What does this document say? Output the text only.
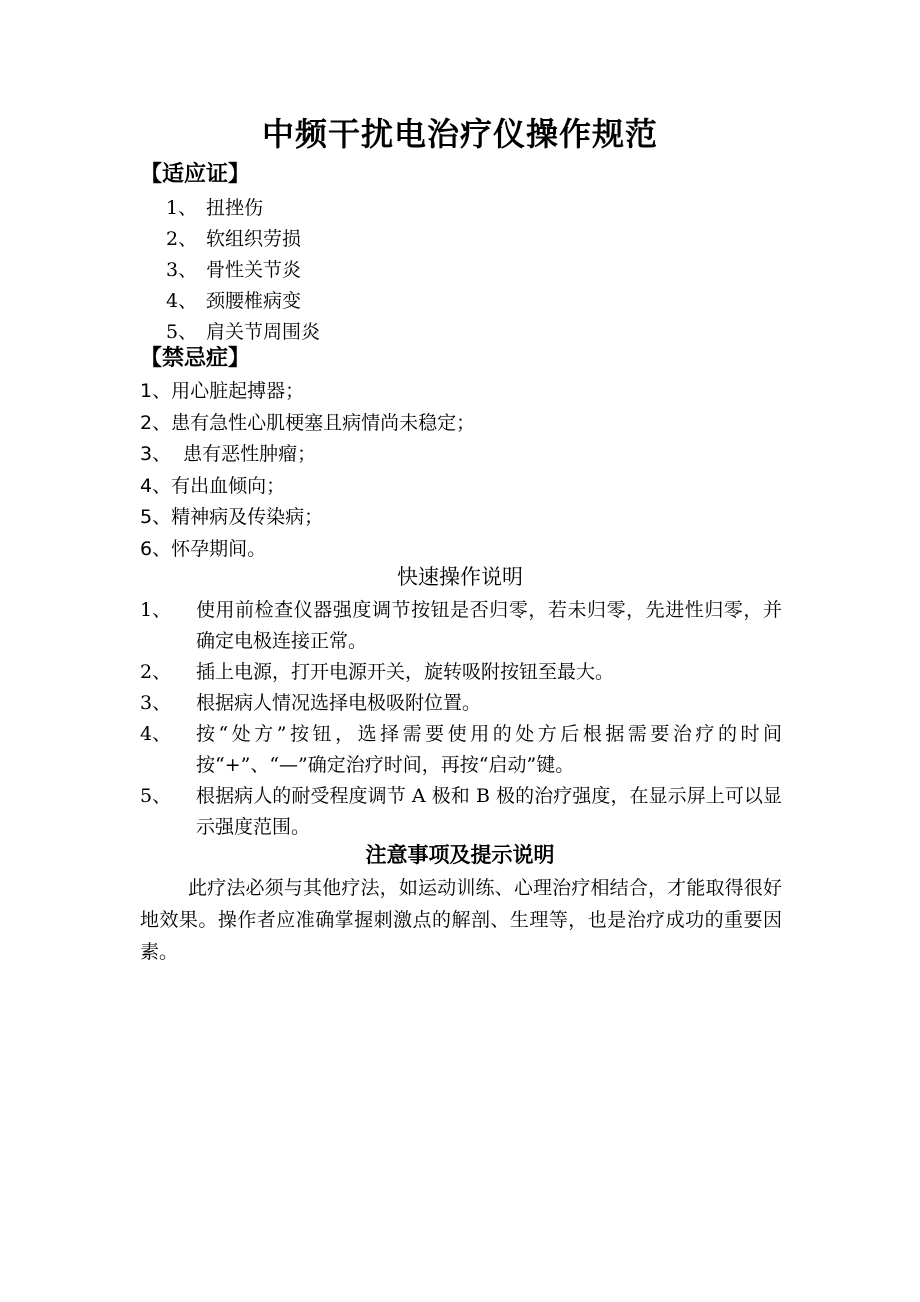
中频干扰电治疗仪操作规范
【适应证】
1、 扭挫伤
2、 软组织劳损
3、 骨性关节炎
4、 颈腰椎病变
5、 肩关节周围炎
【禁忌症】
1、用心脏起搏器；
2、患有急性心肌梗塞且病情尚未稳定；
3、  患有恶性肿瘤；
4、有出血倾向；
5、精神病及传染病；
6、怀孕期间。
快速操作说明
1、 使用前检查仪器强度调节按钮是否归零，若未归零，先进性归零，并确定电极连接正常。
2、 插上电源，打开电源开关，旋转吸附按钮至最大。
3、 根据病人情况选择电极吸附位置。
4、 按“处方”按钮，选择需要使用的处方后根据需要治疗的时间按“+”、“—”确定治疗时间，再按“启动”键。
5、 根据病人的耐受程度调节 A 极和 B 极的治疗强度，在显示屏上可以显示强度范围。
注意事项及提示说明

此疗法必须与其他疗法，如运动训练、心理治疗相结合，才能取得很好地效果。操作者应准确掌握刺激点的解剖、生理等，也是治疗成功的重要因素。
